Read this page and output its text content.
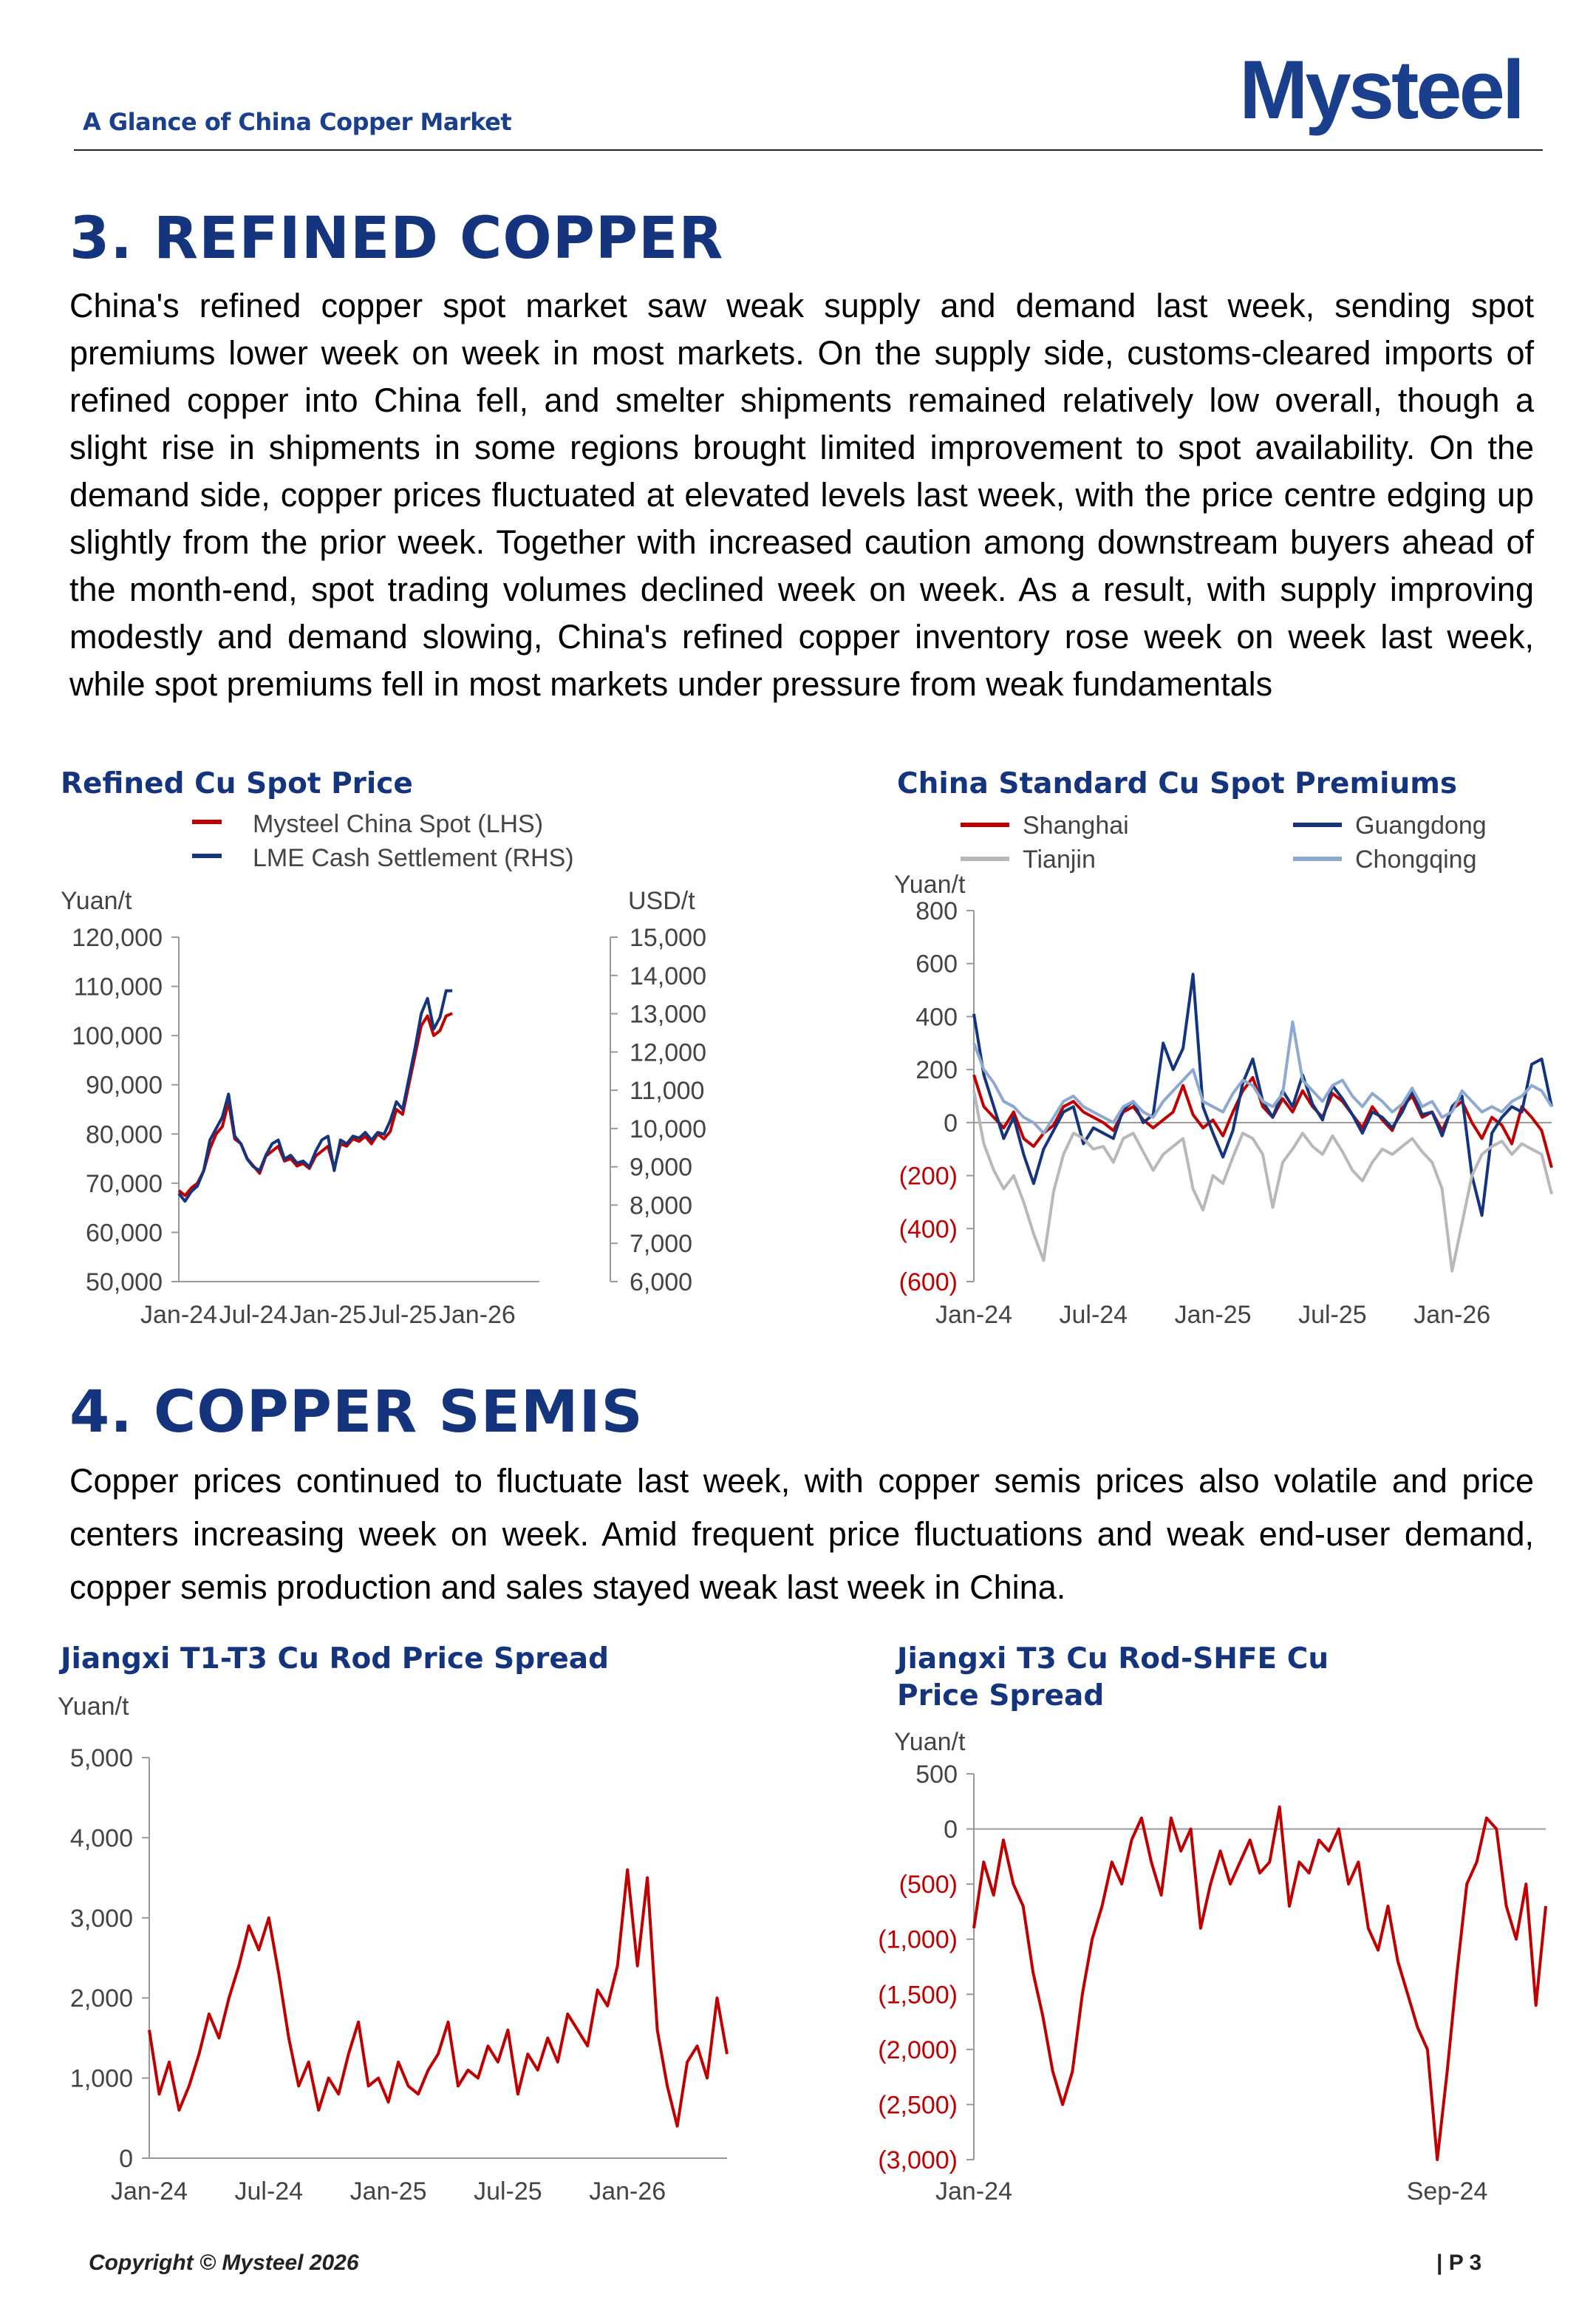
A Glance of China Copper Market	Mysteel
3. REFINED COPPER
China's refined copper spot market saw weak supply and demand last week, sending spot premiums lower week on week in most markets. On the supply side, customs-cleared imports of refined copper into China fell, and smelter shipments remained relatively low overall, though a slight rise in shipments in some regions brought limited improvement to spot availability. On the demand side, copper prices fluctuated at elevated levels last week, with the price centre edging up slightly from the prior week. Together with increased caution among downstream buyers ahead of the month-end, spot trading volumes declined week on week. As a result, with supply improving modestly and demand slowing, China's refined copper inventory rose week on week last week, while spot premiums fell in most markets under pressure from weak fundamentals
Refined Cu Spot Price
Mysteel China Spot (LHS)
LME Cash Settlement (RHS)
Yuan/t	USD/t
120,000
110,000
100,000
90,000
80,000
70,000
60,000
50,000
15,000
14,000
13,000
12,000
11,000
10,000
9,000
8,000
7,000
6,000
Jan-24 Jul-24 Jan-25 Jul-25 Jan-26
China Standard Cu Spot Premiums
Shanghai	Guangdong
Tianjin	Chongqing
Yuan/t
800
600
400
200
0
(200)
(400)
(600)
Jan-24 Jul-24 Jan-25 Jul-25 Jan-26
4. COPPER SEMIS
Copper prices continued to fluctuate last week, with copper semis prices also volatile and price centers increasing week on week. Amid frequent price fluctuations and weak end-user demand, copper semis production and sales stayed weak last week in China.
Jiangxi T1-T3 Cu Rod Price Spread
Yuan/t
5,000
4,000
3,000
2,000
1,000
0
Jan-24 Jul-24 Jan-25 Jul-25 Jan-26
Jiangxi T3 Cu Rod-SHFE Cu Price Spread
Yuan/t
500
0
(500)
(1,000)
(1,500)
(2,000)
(2,500)
(3,000)
Jan-24	Sep-24
Copyright © Mysteel 2026	| P 3
